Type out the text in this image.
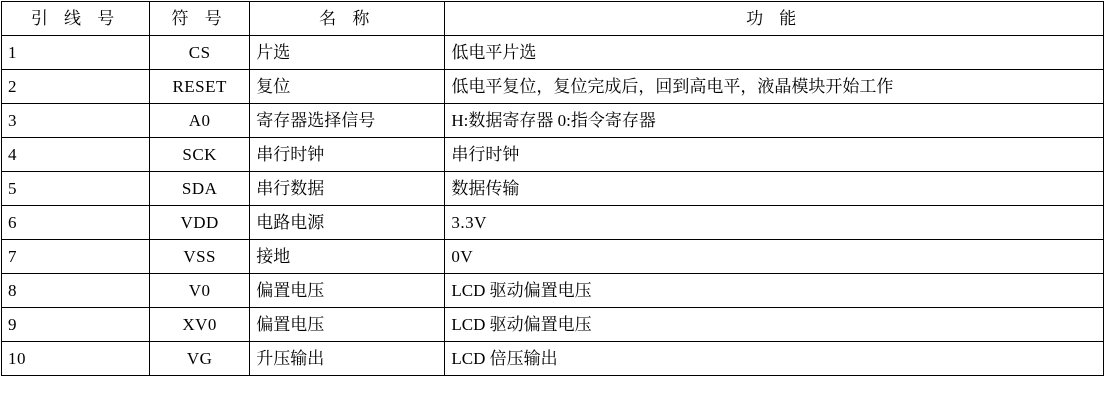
引 线 号	符 号	名 称	功 能
1	CS	片选	低电平片选
2	RESET	复位	低电平复位，复位完成后，回到高电平，液晶模块开始工作
3	A0	寄存器选择信号	H:数据寄存器 0:指令寄存器
4	SCK	串行时钟	串行时钟
5	SDA	串行数据	数据传输
6	VDD	电路电源	3.3V
7	VSS	接地	0V
8	V0	偏置电压	LCD 驱动偏置电压
9	XV0	偏置电压	LCD 驱动偏置电压
10	VG	升压输出	LCD 倍压输出
